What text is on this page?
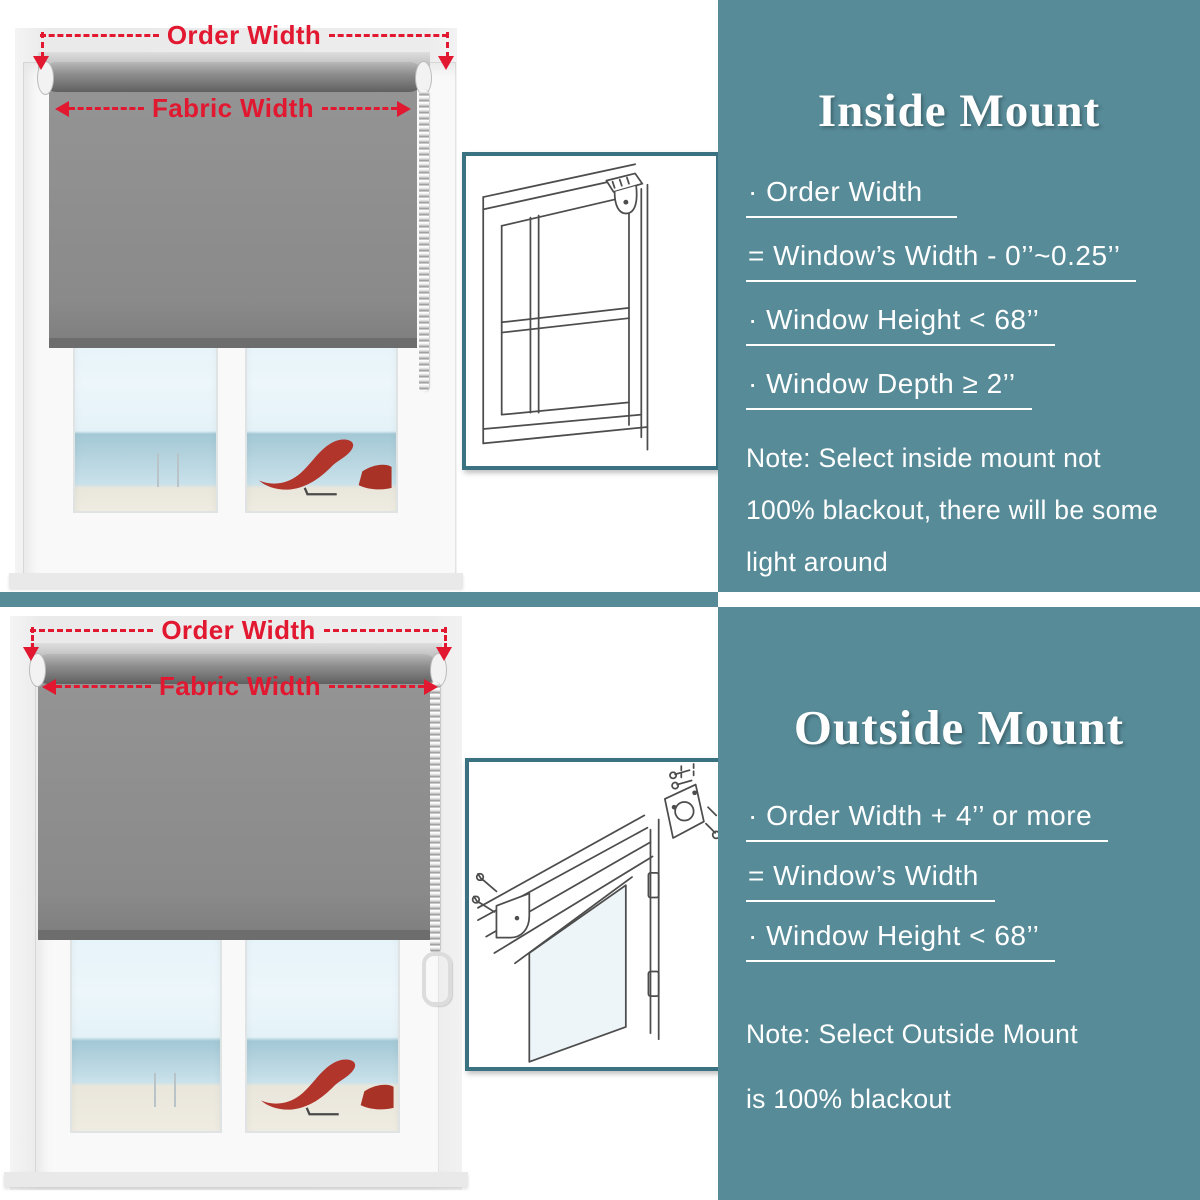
Order Width
Fabric Width
Order Width
Fabric Width
Inside Mount
· Order Width
= Window’s Width - 0’’~0.25’’
· Window Height < 68’’
· Window Depth ≥ 2’’
Note: Select inside mount not
100% blackout, there will be some
light around
Outside Mount
· Order Width + 4’’ or more
= Window’s Width
· Window Height < 68’’
Note: Select Outside Mount
is 100% blackout
